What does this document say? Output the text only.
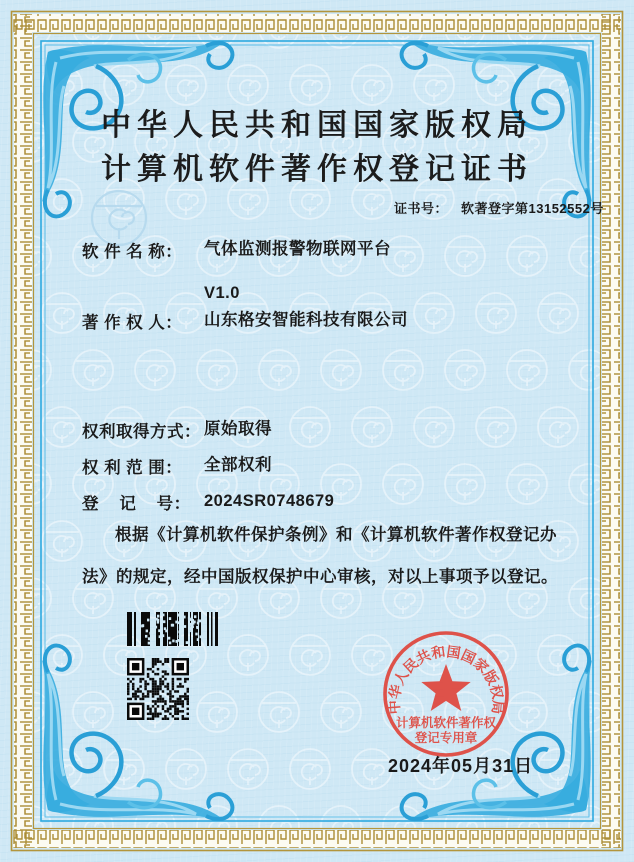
中华人民共和国国家版权局
计算机软件著作权登记证书
证书号： 软著登字第13152552号
软 件 名 称：	气体监测报警物联网平台

V1.0

著 作 权 人：	山东格安智能科技有限公司
权利取得方式： 原始取得
权 利 范 围：	全部权利
登    记    号： 2024SR0748679

根据《计算机软件保护条例》和《计算机软件著作权登记办法》的规定，经中国版权保护中心审核，对以上事项予以登记。

中华人民共和国国家版权局
计算机软件著作权
登记专用章
2024年05月31日
